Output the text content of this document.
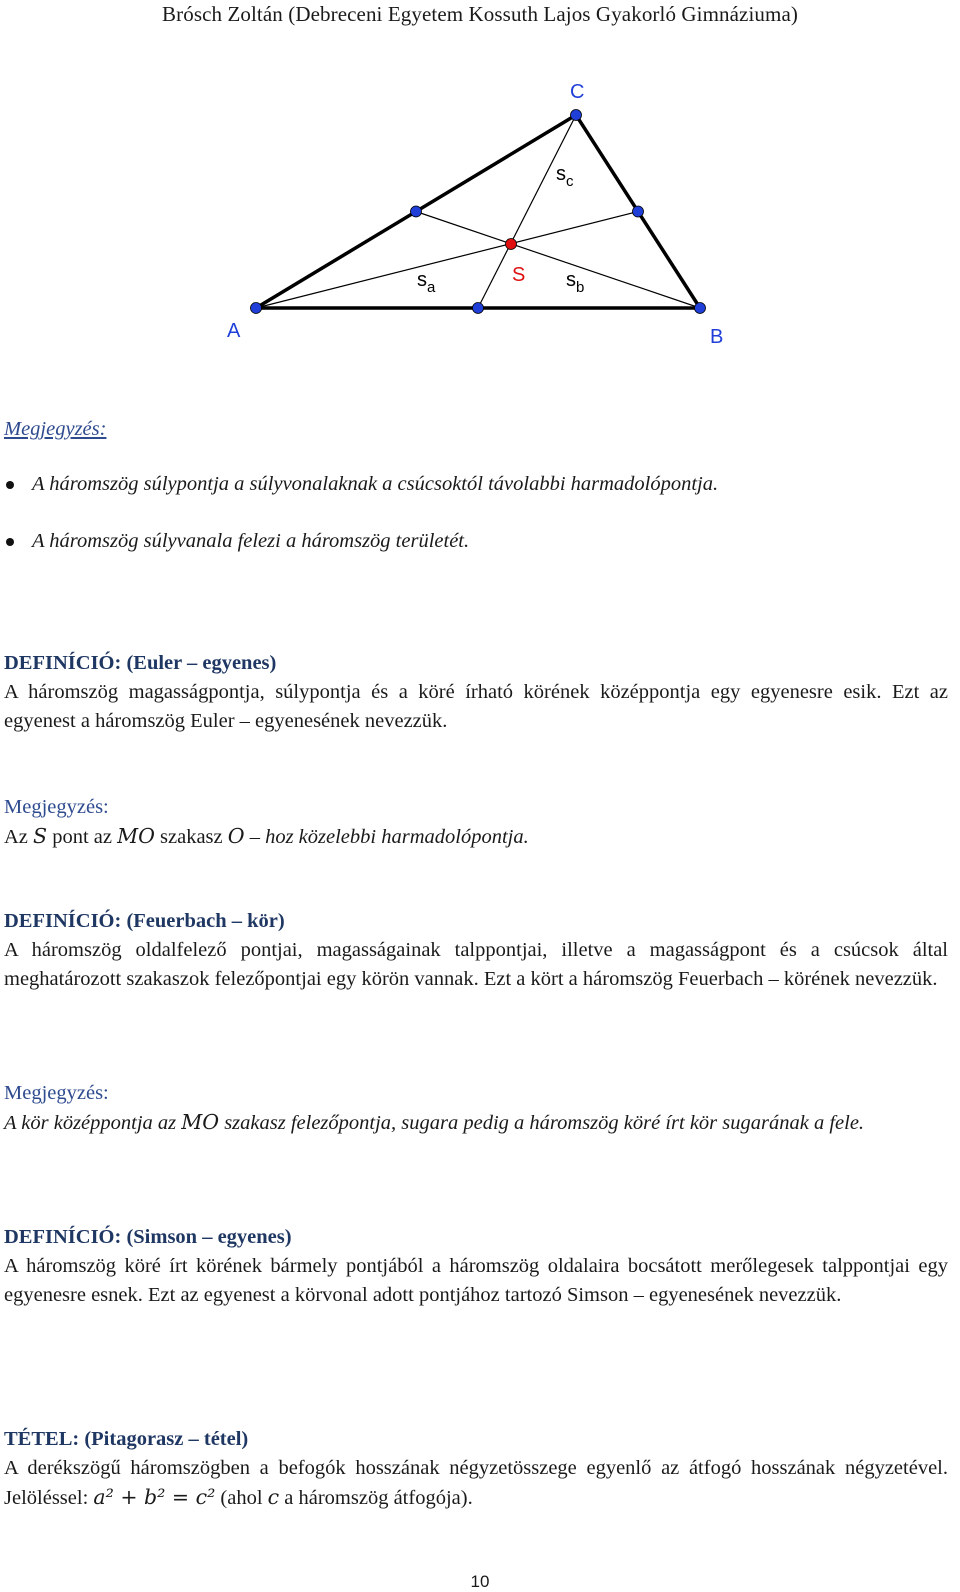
Brósch Zoltán (Debreceni Egyetem Kossuth Lajos Gyakorló Gimnáziuma)
A	B
C
S
$s_a$	$s_b$
$s_c$
Megjegyzés:
A háromszög súlypontja a súlyvonalaknak a csúcsoktól távolabbi harmadolópontja.
A háromszög súlyvanala felezi a háromszög területét.
DEFINÍCIÓ: (Euler – egyenes)
A háromszög magasságpontja, súlypontja és a köré írható körének középpontja egy egyenesre esik. Ezt az egyenest a háromszög Euler – egyenesének nevezzük.
Megjegyzés:
Az S pont az MO szakasz O – hoz közelebbi harmadolópontja.
DEFINÍCIÓ: (Feuerbach – kör)
A háromszög oldalfelező pontjai, magasságainak talppontjai, illetve a magasságpont és a csúcsok által meghatározott szakaszok felezőpontjai egy körön vannak. Ezt a kört a háromszög Feuerbach – körének nevezzük.
Megjegyzés:
A kör középpontja az MO szakasz felezőpontja, sugara pedig a háromszög köré írt kör sugarának a fele.
DEFINÍCIÓ: (Simson – egyenes)
A háromszög köré írt körének bármely pontjából a háromszög oldalaira bocsátott merőlegesek talppontjai egy egyenesre esnek. Ezt az egyenest a körvonal adott pontjához tartozó Simson – egyenesének nevezzük.
TÉTEL: (Pitagorasz – tétel)
A derékszögű háromszögben a befogók hosszának négyzetösszege egyenlő az átfogó hosszának négyzetével. Jelöléssel: a² + b² = c² (ahol c a háromszög átfogója).
10
